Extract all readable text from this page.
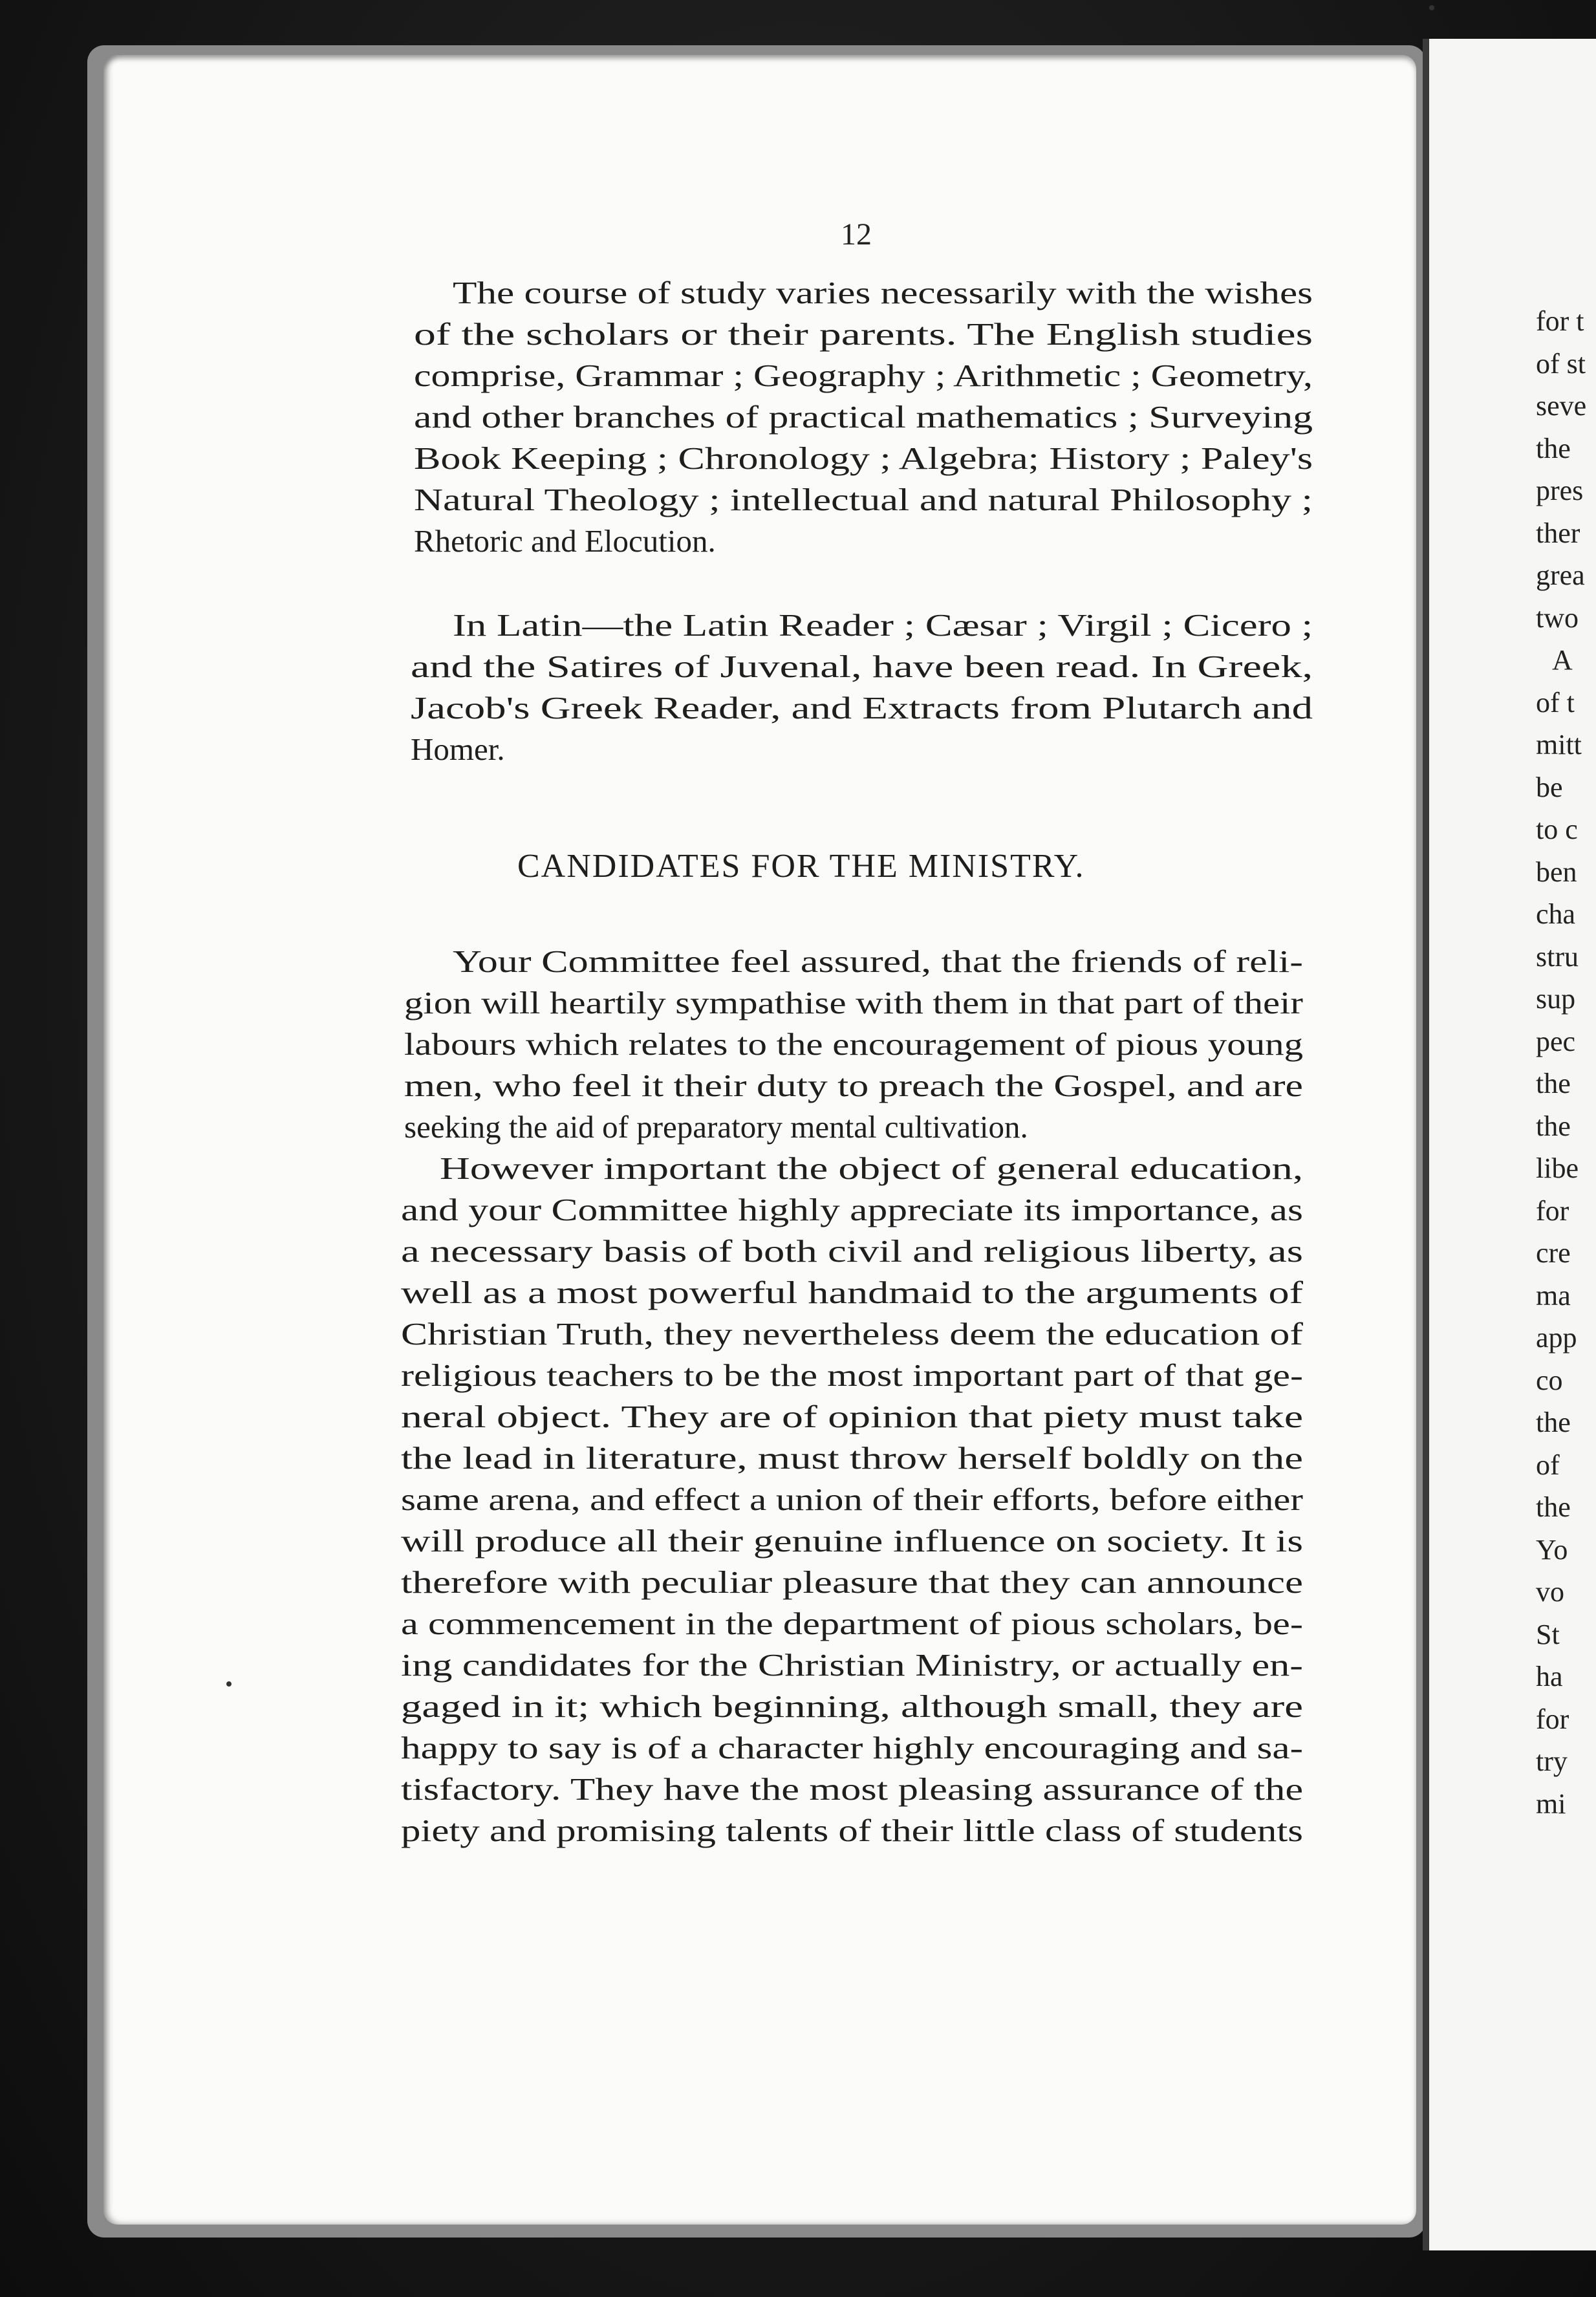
for t
of st
seve
the
pres
ther
grea
two
A
of t
mitt
be
to c
ben
cha
stru
sup
pec
the
the
libe
for
cre
ma
app
co
the
of
the
Yo
vo
St
ha
for
try
mi
12
The course of study varies necessarily with the wishes
of the scholars or their parents. The English studies
comprise, Grammar ; Geography ; Arithmetic ; Geometry,
and other branches of practical mathematics ; Surveying
Book Keeping ; Chronology ; Algebra; History ; Paley's
Natural Theology ; intellectual and natural Philosophy ;
Rhetoric and Elocution.
In Latin—the Latin Reader ; Cæsar ; Virgil ; Cicero ;
and the Satires of Juvenal, have been read. In Greek,
Jacob's Greek Reader, and Extracts from Plutarch and
Homer.
CANDIDATES FOR THE MINISTRY.
Your Committee feel assured, that the friends of reli-
gion will heartily sympathise with them in that part of their
labours which relates to the encouragement of pious young
men, who feel it their duty to preach the Gospel, and are
seeking the aid of preparatory mental cultivation.
However important the object of general education,
and your Committee highly appreciate its importance, as
a necessary basis of both civil and religious liberty, as
well as a most powerful handmaid to the arguments of
Christian Truth, they nevertheless deem the education of
religious teachers to be the most important part of that ge-
neral object. They are of opinion that piety must take
the lead in literature, must throw herself boldly on the
same arena, and effect a union of their efforts, before either
will produce all their genuine influence on society. It is
therefore with peculiar pleasure that they can announce
a commencement in the department of pious scholars, be-
ing candidates for the Christian Ministry, or actually en-
gaged in it; which beginning, although small, they are
happy to say is of a character highly encouraging and sa-
tisfactory. They have the most pleasing assurance of the
piety and promising talents of their little class of students
